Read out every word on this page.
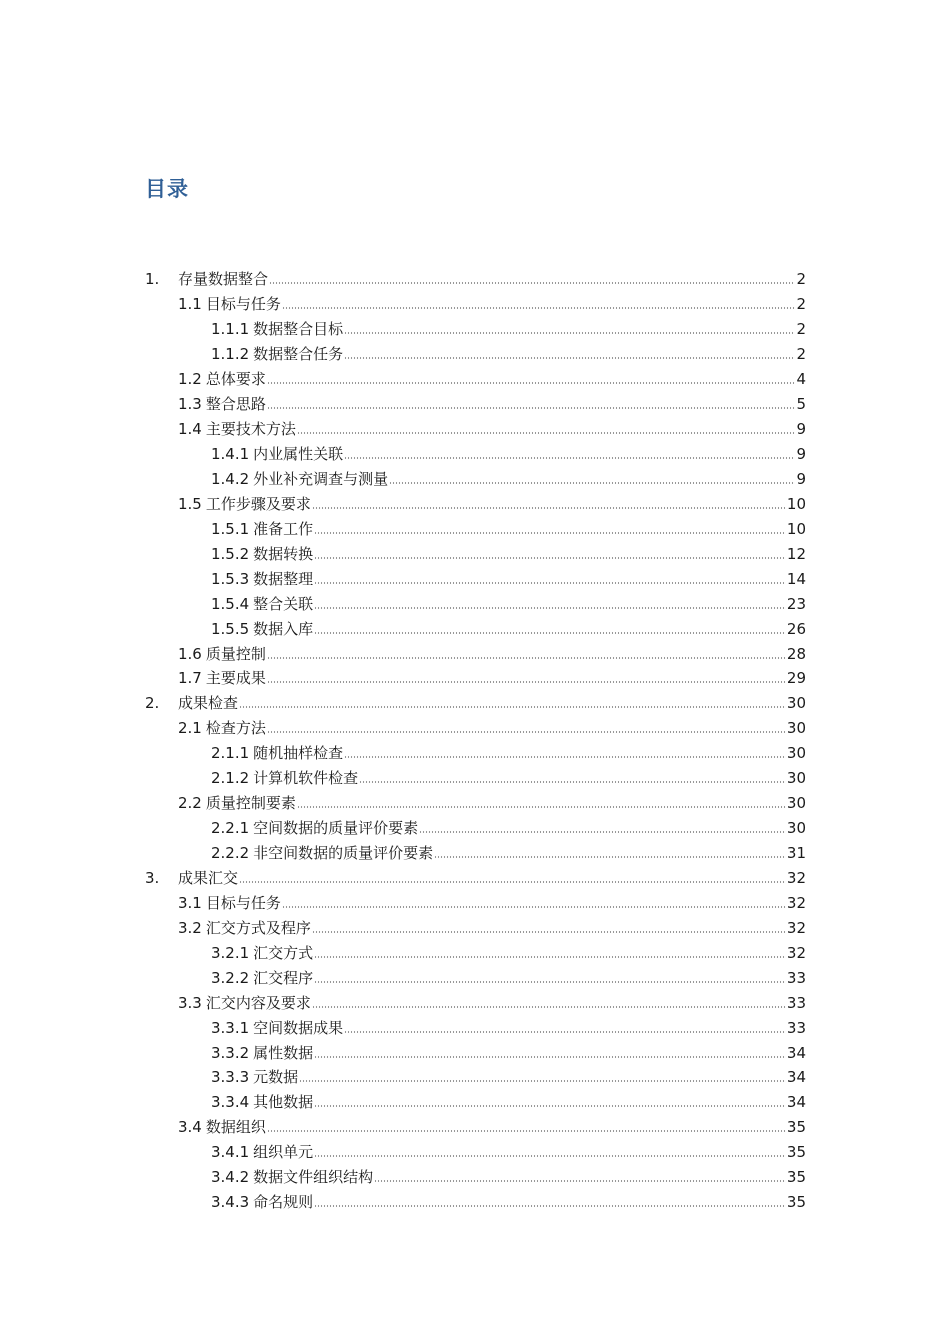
目录
1.	存量数据整合	2
1.1 目标与任务	2
1.1.1 数据整合目标	2
1.1.2 数据整合任务	2
1.2 总体要求	4
1.3 整合思路	5
1.4 主要技术方法	9
1.4.1 内业属性关联	9
1.4.2 外业补充调查与测量	9
1.5 工作步骤及要求	10
1.5.1 准备工作	10
1.5.2 数据转换	12
1.5.3 数据整理	14
1.5.4 整合关联	23
1.5.5 数据入库	26
1.6 质量控制	28
1.7 主要成果	29
2.	成果检查	30
2.1 检查方法	30
2.1.1 随机抽样检查	30
2.1.2 计算机软件检查	30
2.2 质量控制要素	30
2.2.1 空间数据的质量评价要素	30
2.2.2 非空间数据的质量评价要素	31
3.	成果汇交	32
3.1 目标与任务	32
3.2 汇交方式及程序	32
3.2.1 汇交方式	32
3.2.2 汇交程序	33
3.3 汇交内容及要求	33
3.3.1 空间数据成果	33
3.3.2 属性数据	34
3.3.3 元数据	34
3.3.4 其他数据	34
3.4 数据组织	35
3.4.1 组织单元	35
3.4.2 数据文件组织结构	35
3.4.3 命名规则	35
